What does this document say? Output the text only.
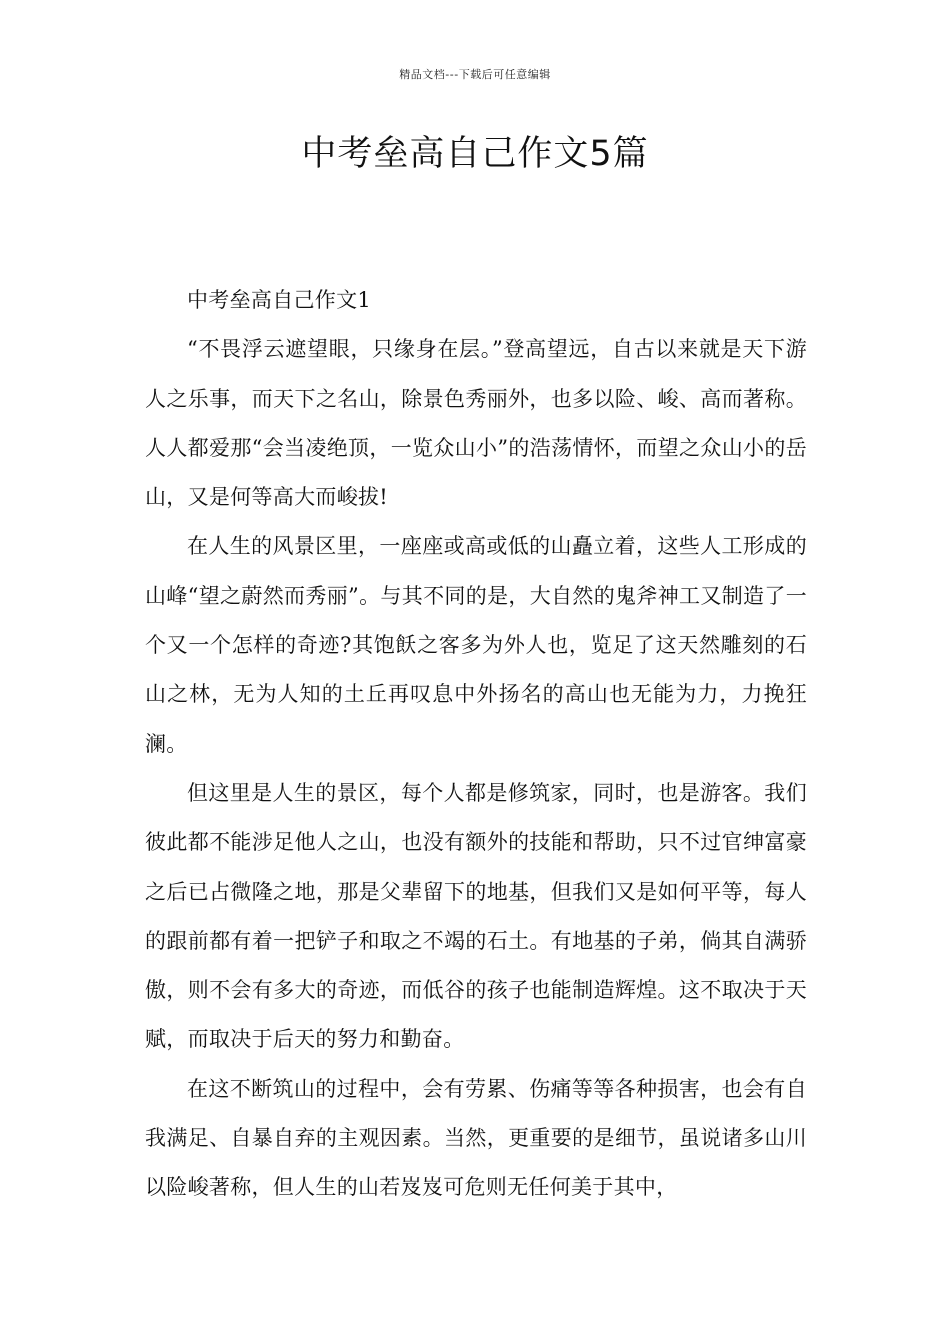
精品文档---下载后可任意编辑
中考垒高自己作文5篇

中考垒高自己作文1

“不畏浮云遮望眼，只缘身在层。”登高望远，自古以来就是天下游人之乐事，而天下之名山，除景色秀丽外，也多以险、峻、高而著称。人人都爱那“会当凌绝顶，一览众山小”的浩荡情怀，而望之众山小的岳山，又是何等高大而峻拔!

在人生的风景区里，一座座或高或低的山矗立着，这些人工形成的山峰“望之蔚然而秀丽”。与其不同的是，大自然的鬼斧神工又制造了一个又一个怎样的奇迹?其饱飫之客多为外人也，览足了这天然雕刻的石山之林，无为人知的土丘再叹息中外扬名的高山也无能为力，力挽狂澜。

但这里是人生的景区，每个人都是修筑家，同时，也是游客。我们彼此都不能涉足他人之山，也没有额外的技能和帮助，只不过官绅富豪之后已占微隆之地，那是父辈留下的地基，但我们又是如何平等，每人的跟前都有着一把铲子和取之不竭的石土。有地基的子弟，倘其自满骄傲，则不会有多大的奇迹，而低谷的孩子也能制造辉煌。这不取决于天赋，而取决于后天的努力和勤奋。

在这不断筑山的过程中，会有劳累、伤痛等等各种损害，也会有自我满足、自暴自弃的主观因素。当然，更重要的是细节，虽说诸多山川以险峻著称，但人生的山若岌岌可危则无任何美于其中，
